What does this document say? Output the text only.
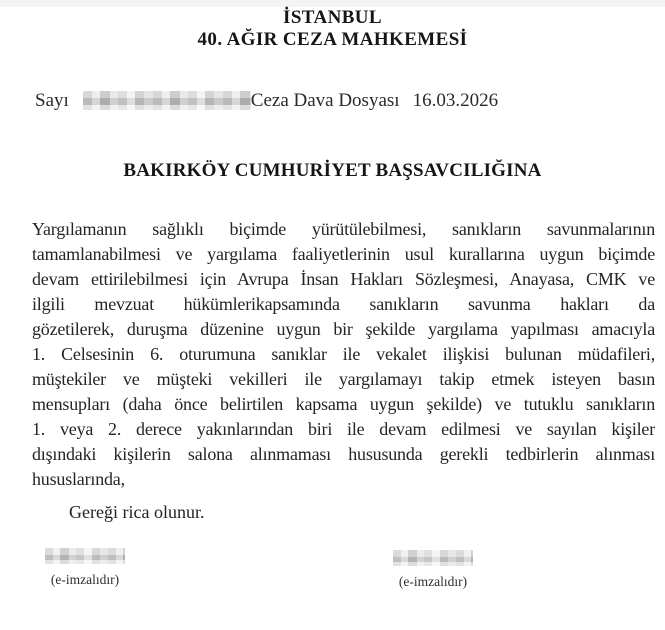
İSTANBUL
40. AĞIR CEZA MAHKEMESİ
Sayı	Ceza Dava Dosyası 16.03.2026
BAKIRKÖY CUMHURİYET BAŞSAVCILIĞINA
Yargılamanın sağlıklı biçimde yürütülebilmesi, sanıkların savunmalarının
tamamlanabilmesi ve yargılama faaliyetlerinin usul kurallarına uygun biçimde
devam ettirilebilmesi için Avrupa İnsan Hakları Sözleşmesi, Anayasa, CMK ve
ilgili mevzuat hükümlerikapsamında sanıkların savunma hakları da
gözetilerek, duruşma düzenine uygun bir şekilde yargılama yapılması amacıyla
1. Celsesinin 6. oturumuna sanıklar ile vekalet ilişkisi bulunan müdafileri,
müştekiler ve müşteki vekilleri ile yargılamayı takip etmek isteyen basın
mensupları (daha önce belirtilen kapsama uygun şekilde) ve tutuklu sanıkların
1. veya 2. derece yakınlarından biri ile devam edilmesi ve sayılan kişiler
dışındaki kişilerin salona alınmaması hususunda gerekli tedbirlerin alınması
hususlarında,
Gereği rica olunur.
(e-imzalıdır)	(e-imzalıdır)
